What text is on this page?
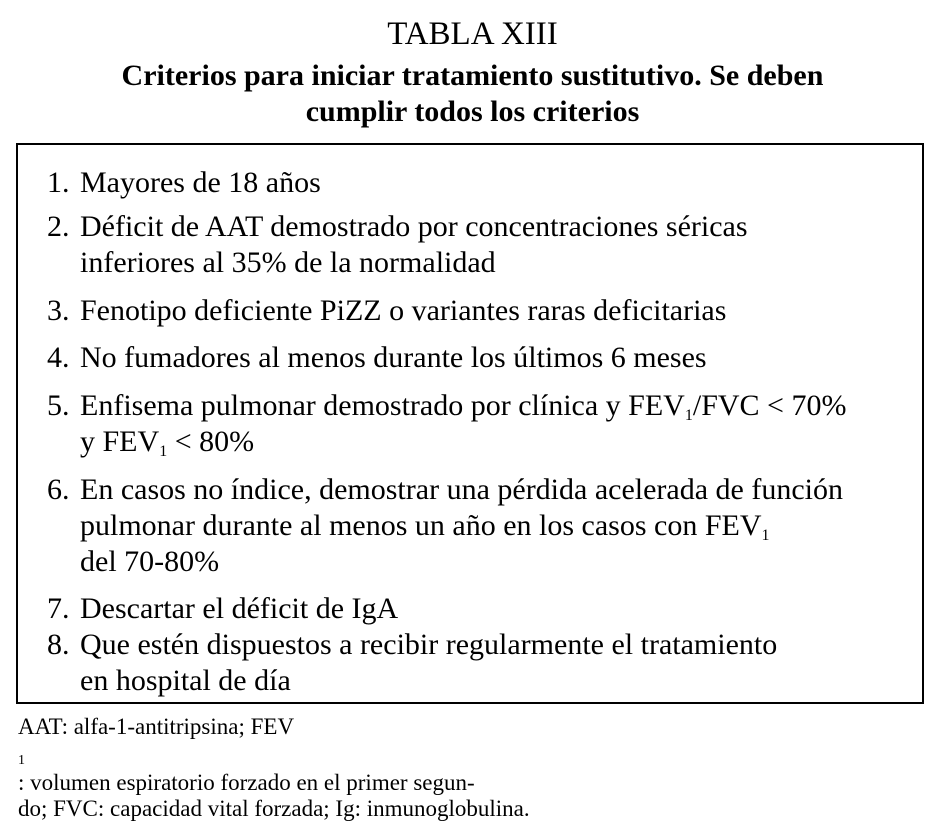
TABLA XIII
Criterios para iniciar tratamiento sustitutivo. Se deben
cumplir todos los criterios
1. Mayores de 18 años
2. Déficit de AAT demostrado por concentraciones séricas
inferiores al 35% de la normalidad
3. Fenotipo deficiente PiZZ o variantes raras deficitarias
4. No fumadores al menos durante los últimos 6 meses
5. Enfisema pulmonar demostrado por clínica y $FEV_1$/FVC < 70%
y $FEV_1 < 80\%$
6. En casos no índice, demostrar una pérdida acelerada de función
pulmonar durante al menos un año en los casos con $FEV_1$
del 70-80%
7. Descartar el déficit de IgA
8. Que estén dispuestos a recibir regularmente el tratamiento
en hospital de día
AAT: alfa-1-antitripsina; FEV
$_1$
: volumen espiratorio forzado en el primer segun-
do; FVC: capacidad vital forzada; Ig: inmunoglobulina.
